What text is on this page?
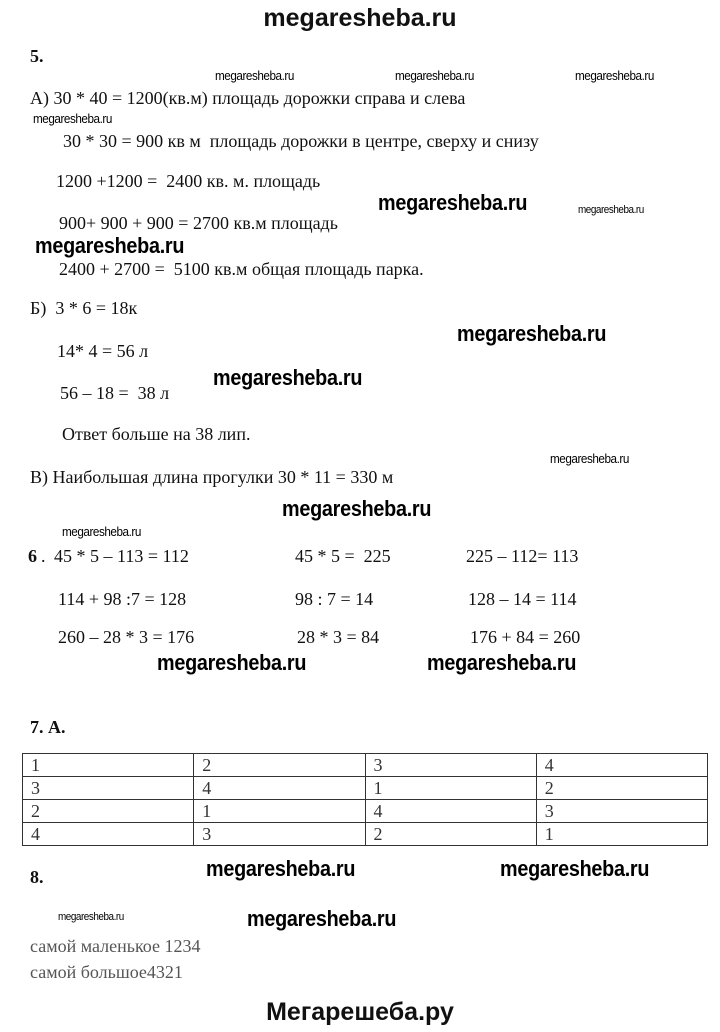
megaresheba.ru
5.
megaresheba.ru	megaresheba.ru	megaresheba.ru
А) 30 * 40 = 1200(кв.м) площадь дорожки справа и слева
megaresheba.ru
30 * 30 = 900 кв м  площадь дорожки в центре, сверху и снизу
1200 +1200 =  2400 кв. м. площадь
megaresheba.ru	megaresheba.ru
900+ 900 + 900 = 2700 кв.м площадь
megaresheba.ru
2400 + 2700 =  5100 кв.м общая площадь парка.
Б)  3 * 6 = 18к
megaresheba.ru
14* 4 = 56 л
megaresheba.ru
56 – 18 =  38 л
Ответ больше на 38 лип.
megaresheba.ru
В) Наибольшая длина прогулки 30 * 11 = 330 м
megaresheba.ru
megaresheba.ru
6 . 45 * 5 – 113 = 112	45 * 5 =  225	225 – 112= 113
114 + 98 :7 = 128	98 : 7 = 14	128 – 14 = 114
260 – 28 * 3 = 176	28 * 3 = 84	176 + 84 = 260
megaresheba.ru	megaresheba.ru
7. А.
1	2	3	4
3	4	1	2
2	1	4	3
4	3	2	1
megaresheba.ru	megaresheba.ru
8.
megaresheba.ru	megaresheba.ru
самой маленькое 1234
самой большое4321
Мегарешеба.ру
